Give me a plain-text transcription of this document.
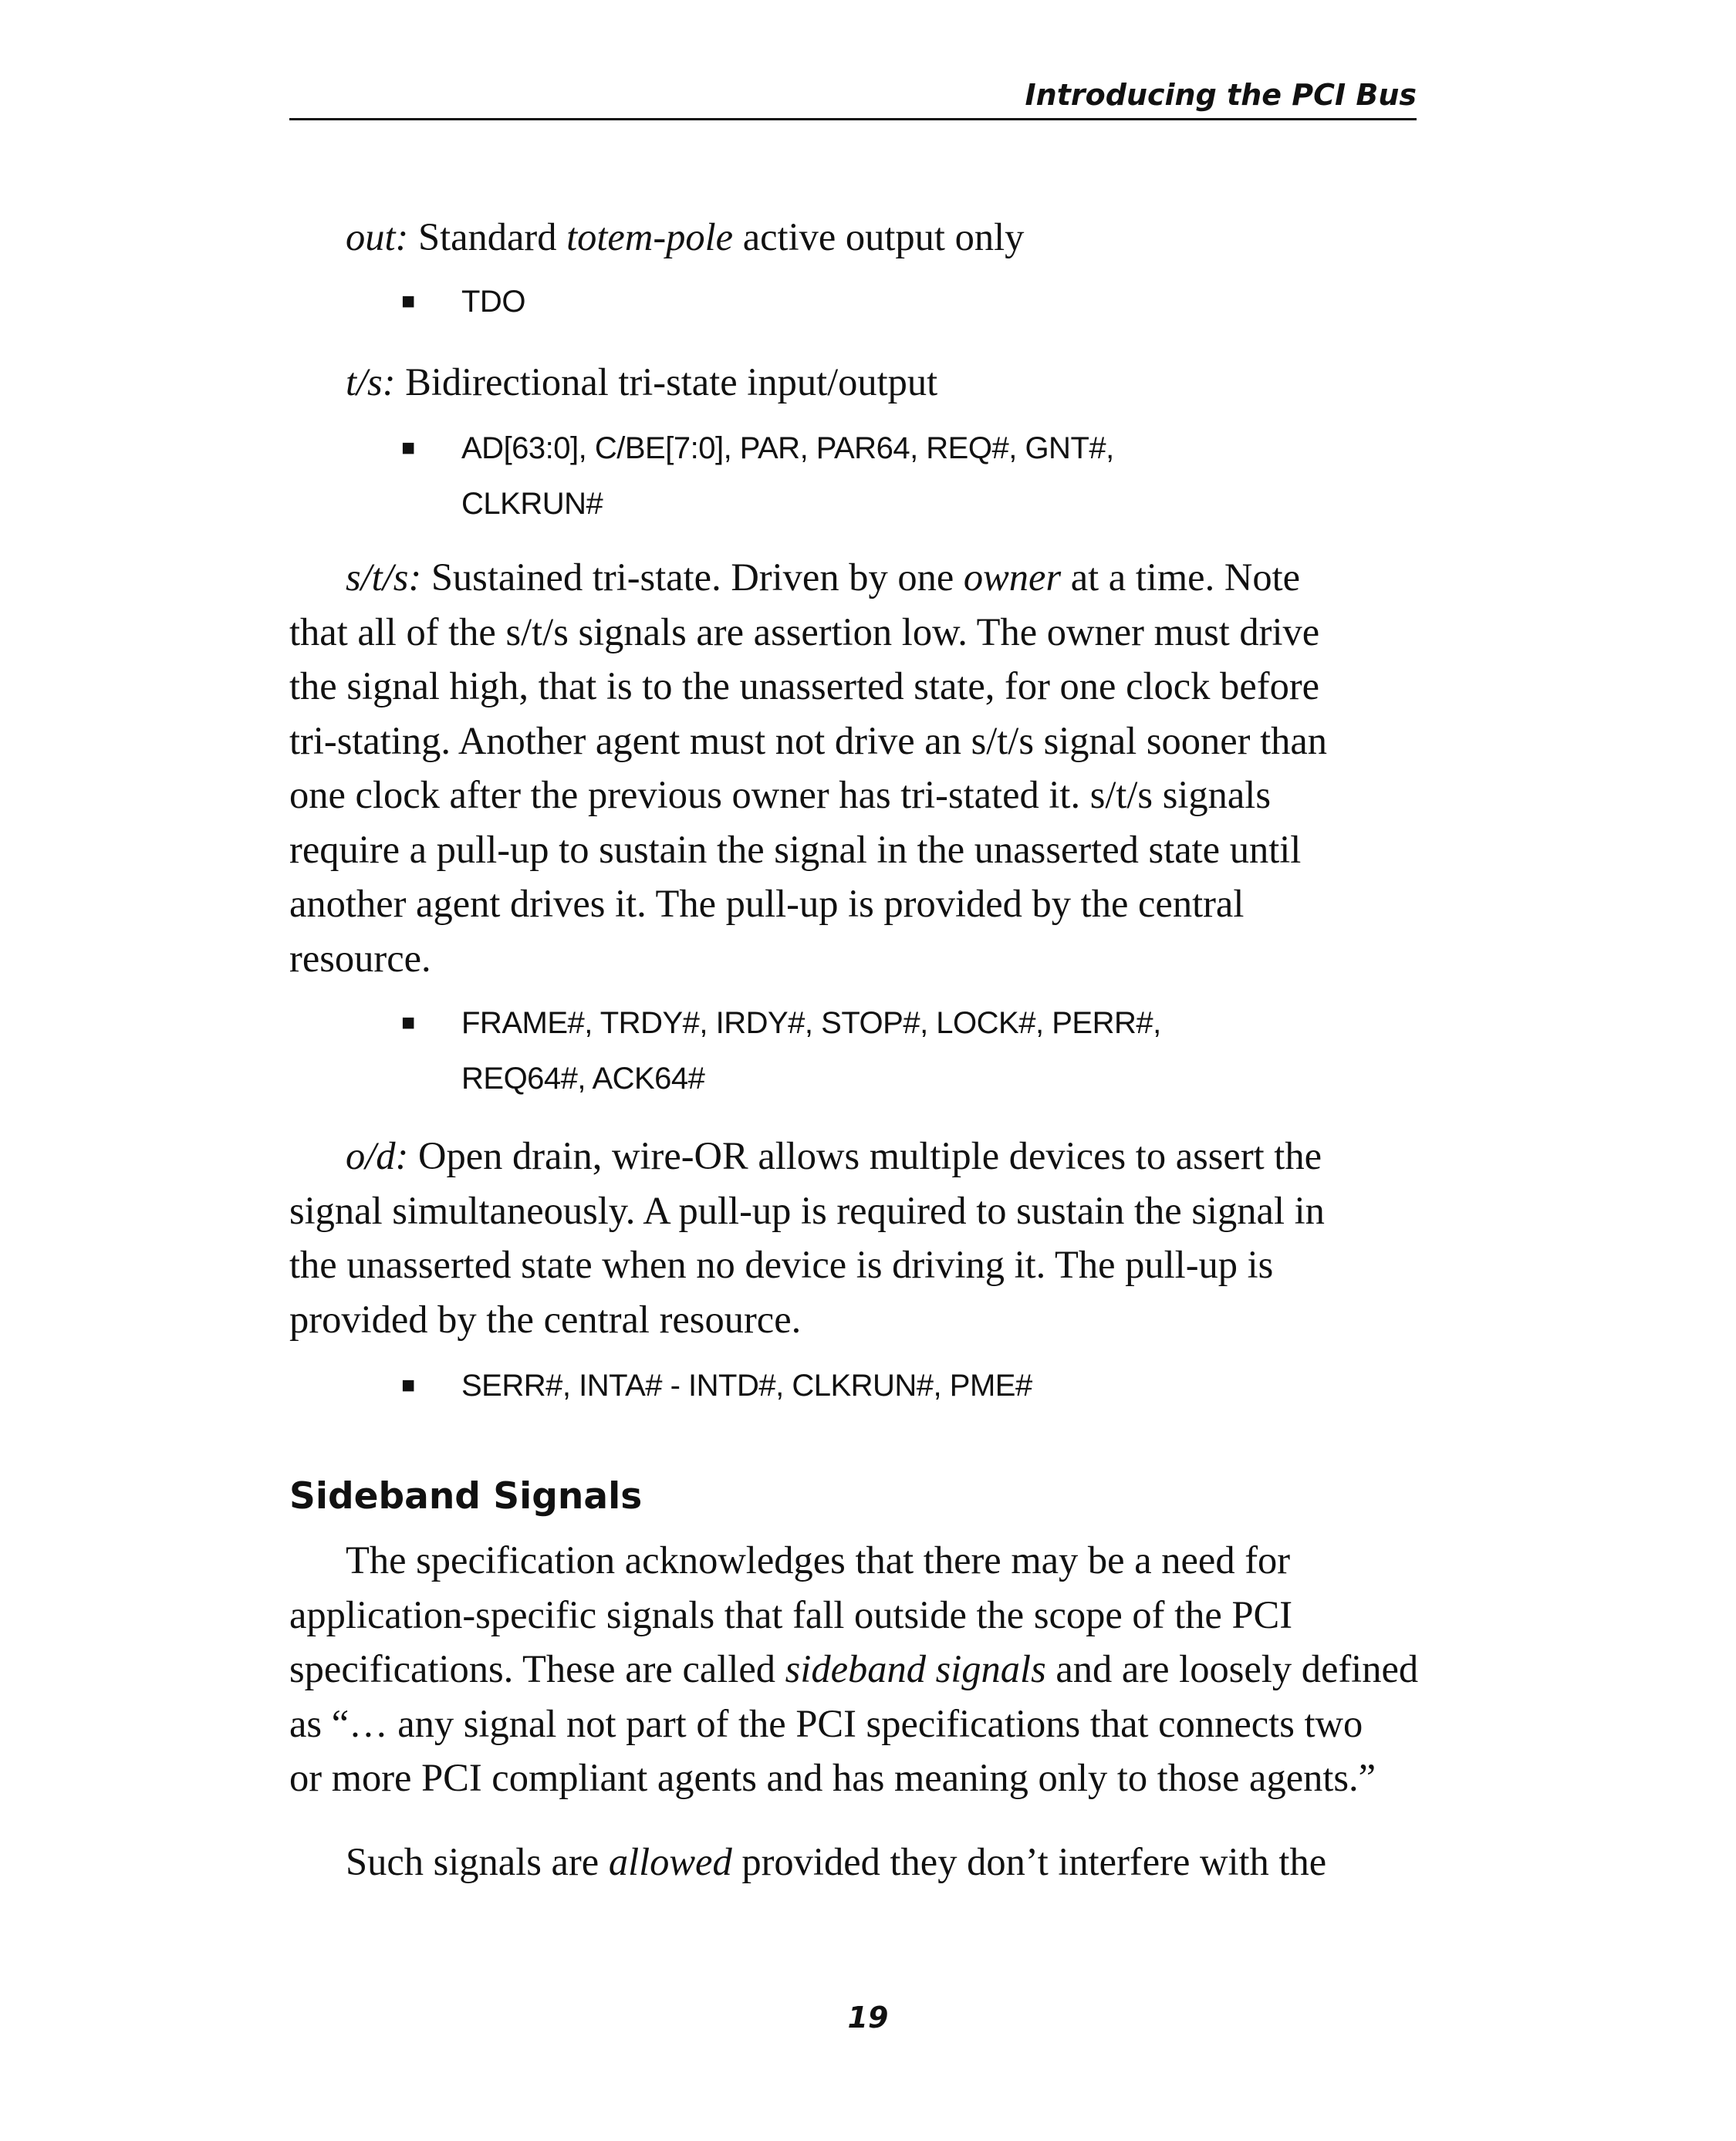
Introducing the PCI Bus

out: Standard totem-pole active output only

■	TDO

t/s: Bidirectional tri-state input/output

■	AD[63:0], C/BE[7:0], PAR, PAR64, REQ#, GNT#,
CLKRUN#
s/t/s: Sustained tri-state. Driven by one owner at a time. Note
that all of the s/t/s signals are assertion low. The owner must drive
the signal high, that is to the unasserted state, for one clock before
tri-stating. Another agent must not drive an s/t/s signal sooner than
one clock after the previous owner has tri-stated it. s/t/s signals
require a pull-up to sustain the signal in the unasserted state until
another agent drives it. The pull-up is provided by the central
resource.
■	FRAME#, TRDY#, IRDY#, STOP#, LOCK#, PERR#,
REQ64#, ACK64#
o/d: Open drain, wire-OR allows multiple devices to assert the
signal simultaneously. A pull-up is required to sustain the signal in
the unasserted state when no device is driving it. The pull-up is
provided by the central resource.
■	SERR#, INTA# - INTD#, CLKRUN#, PME#
Sideband Signals
The specification acknowledges that there may be a need for
application-specific signals that fall outside the scope of the PCI
specifications. These are called sideband signals and are loosely defined
as “… any signal not part of the PCI specifications that connects two
or more PCI compliant agents and has meaning only to those agents.”

Such signals are allowed provided they don’t interfere with the

19
